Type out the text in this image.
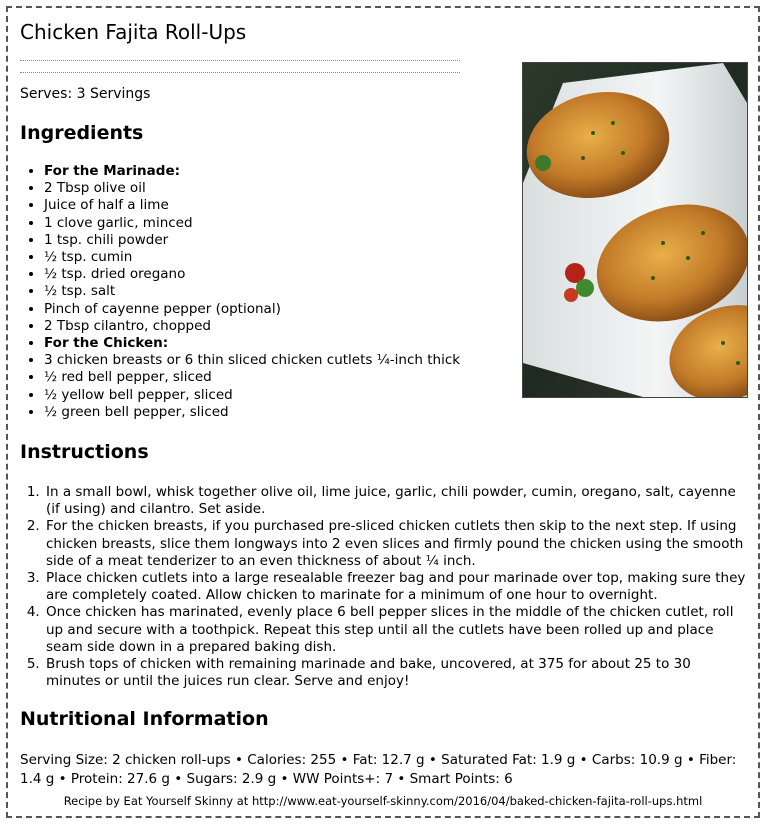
Chicken Fajita Roll-Ups
Serves: 3 Servings
Ingredients
• For the Marinade:
• 2 Tbsp olive oil
• Juice of half a lime
• 1 clove garlic, minced
• 1 tsp. chili powder
• ½ tsp. cumin
• ½ tsp. dried oregano
• ½ tsp. salt
• Pinch of cayenne pepper (optional)
• 2 Tbsp cilantro, chopped
• For the Chicken:
• 3 chicken breasts or 6 thin sliced chicken cutlets ¼-inch thick
• ½ red bell pepper, sliced
• ½ yellow bell pepper, sliced
• ½ green bell pepper, sliced
Instructions
1. In a small bowl, whisk together olive oil, lime juice, garlic, chili powder, cumin, oregano, salt, cayenne (if using) and cilantro. Set aside.
2. For the chicken breasts, if you purchased pre-sliced chicken cutlets then skip to the next step. If using chicken breasts, slice them longways into 2 even slices and firmly pound the chicken using the smooth side of a meat tenderizer to an even thickness of about ¼ inch.
3. Place chicken cutlets into a large resealable freezer bag and pour marinade over top, making sure they are completely coated. Allow chicken to marinate for a minimum of one hour to overnight.
4. Once chicken has marinated, evenly place 6 bell pepper slices in the middle of the chicken cutlet, roll up and secure with a toothpick. Repeat this step until all the cutlets have been rolled up and place seam side down in a prepared baking dish.
5. Brush tops of chicken with remaining marinade and bake, uncovered, at 375 for about 25 to 30 minutes or until the juices run clear. Serve and enjoy!
Nutritional Information
Serving Size: 2 chicken roll-ups • Calories: 255 • Fat: 12.7 g • Saturated Fat: 1.9 g • Carbs: 10.9 g • Fiber: 1.4 g • Protein: 27.6 g • Sugars: 2.9 g • WW Points+: 7 • Smart Points: 6
Recipe by Eat Yourself Skinny at http://www.eat-yourself-skinny.com/2016/04/baked-chicken-fajita-roll-ups.html
